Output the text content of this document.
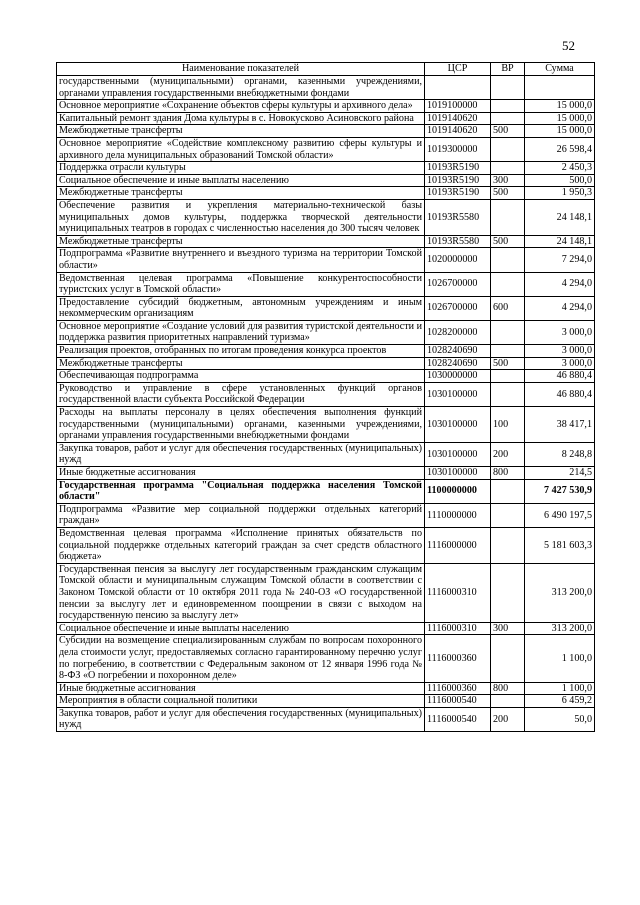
52
Наименование показателей	ЦСР	ВР	Сумма
государственными (муниципальными) органами, казенными учреждениями, органами управления государственными внебюджетными фондами			
Основное мероприятие «Сохранение объектов сферы культуры и архивного дела»	1019100000		15 000,0
Капитальный ремонт здания Дома культуры в с. Новокусково Асиновского района	1019140620		15 000,0
Межбюджетные трансферты	1019140620	500	15 000,0
Основное мероприятие «Содействие комплексному развитию сферы культуры и архивного дела муниципальных образований Томской области»	1019300000		26 598,4
Поддержка отрасли культуры	10193R5190		2 450,3
Социальное обеспечение и иные выплаты населению	10193R5190	300	500,0
Межбюджетные трансферты	10193R5190	500	1 950,3
Обеспечение развития и укрепления материально-технической базы муниципальных домов культуры, поддержка творческой деятельности муниципальных театров в городах с численностью населения до 300 тысяч человек	10193R5580		24 148,1
Межбюджетные трансферты	10193R5580	500	24 148,1
Подпрограмма «Развитие внутреннего и въездного туризма на территории Томской области»	1020000000		7 294,0
Ведомственная целевая программа «Повышение конкурентоспособности туристских услуг в Томской области»	1026700000		4 294,0
Предоставление субсидий бюджетным, автономным учреждениям и иным некоммерческим организациям	1026700000	600	4 294,0
Основное мероприятие «Создание условий для развития туристской деятельности и поддержка развития приоритетных направлений туризма»	1028200000		3 000,0
Реализация проектов, отобранных по итогам проведения конкурса проектов	1028240690		3 000,0
Межбюджетные трансферты	1028240690	500	3 000,0
Обеспечивающая подпрограмма	1030000000		46 880,4
Руководство и управление в сфере установленных функций органов государственной власти субъекта Российской Федерации	1030100000		46 880,4
Расходы на выплаты персоналу в целях обеспечения выполнения функций государственными (муниципальными) органами, казенными учреждениями, органами управления государственными внебюджетными фондами	1030100000	100	38 417,1
Закупка товаров, работ и услуг для обеспечения государственных (муниципальных) нужд	1030100000	200	8 248,8
Иные бюджетные ассигнования	1030100000	800	214,5
Государственная программа "Социальная поддержка населения Томской области"	1100000000		7 427 530,9
Подпрограмма «Развитие мер социальной поддержки отдельных категорий граждан»	1110000000		6 490 197,5
Ведомственная целевая программа «Исполнение принятых обязательств по социальной поддержке отдельных категорий граждан за счет средств областного бюджета»	1116000000		5 181 603,3
Государственная пенсия за выслугу лет государственным гражданским служащим Томской области и муниципальным служащим Томской области в соответствии с Законом Томской области от 10 октября 2011 года № 240-ОЗ «О государственной пенсии за выслугу лет и единовременном поощрении в связи с выходом на государственную пенсию за выслугу лет»	1116000310		313 200,0
Социальное обеспечение и иные выплаты населению	1116000310	300	313 200,0
Субсидии на возмещение специализированным службам по вопросам похоронного дела стоимости услуг, предоставляемых согласно гарантированному перечню услуг по погребению, в соответствии с Федеральным законом от 12 января 1996 года № 8-ФЗ «О погребении и похоронном деле»	1116000360		1 100,0
Иные бюджетные ассигнования	1116000360	800	1 100,0
Мероприятия в области социальной политики	1116000540		6 459,2
Закупка товаров, работ и услуг для обеспечения государственных (муниципальных) нужд	1116000540	200	50,0
